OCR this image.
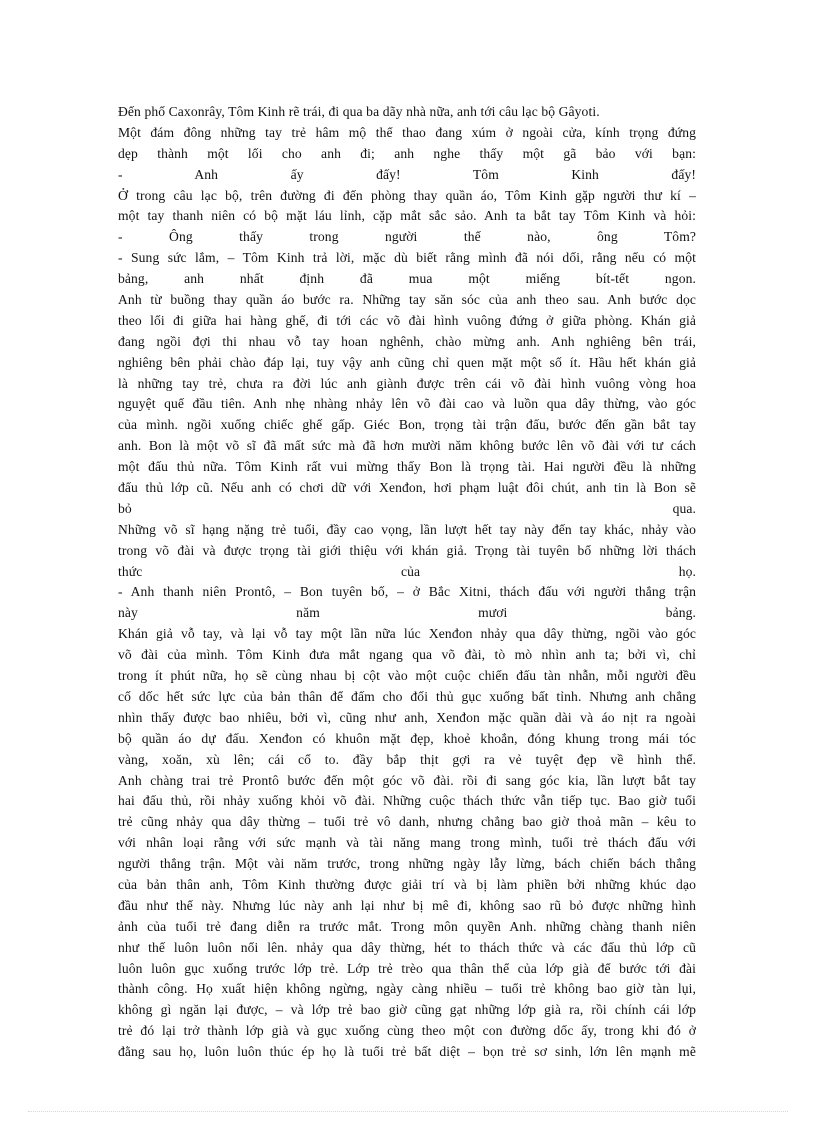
Đến phố Caxonrây, Tôm Kinh rẽ trái, đi qua ba dãy nhà nữa, anh tới câu lạc bộ Gâyoti.
Một đám đông những tay trẻ hâm mộ thể thao đang xúm ở ngoài cửa, kính trọng đứng
dẹp thành một lối cho anh đi; anh nghe thấy một gã bảo với bạn:
- Anh ấy đấy! Tôm Kinh đấy!
Ở trong câu lạc bộ, trên đường đi đến phòng thay quần áo, Tôm Kinh gặp người thư kí –
một tay thanh niên có bộ mặt láu lỉnh, cặp mắt sắc sảo. Anh ta bắt tay Tôm Kinh và hỏi:
- Ông thấy trong người thế nào, ông Tôm?
- Sung sức lắm, – Tôm Kinh trả lời, mặc dù biết rằng mình đã nói dối, rằng nếu có một
bảng, anh nhất định đã mua một miếng bít-tết ngon.
Anh từ buồng thay quần áo bước ra. Những tay săn sóc của anh theo sau. Anh bước dọc
theo lối đi giữa hai hàng ghế, đi tới các võ đài hình vuông đứng ở giữa phòng. Khán giả
đang ngồi đợi thi nhau vỗ tay hoan nghênh, chào mừng anh. Anh nghiêng bên trái,
nghiêng bên phải chào đáp lại, tuy vậy anh cũng chỉ quen mặt một số ít. Hầu hết khán giả
là những tay trẻ, chưa ra đời lúc anh giành được trên cái võ đài hình vuông vòng hoa
nguyệt quế đầu tiên. Anh nhẹ nhàng nhảy lên võ đài cao và luồn qua dây thừng, vào góc
của mình. ngồi xuống chiếc ghế gấp. Giéc Bon, trọng tài trận đấu, bước đến gần bắt tay
anh. Bon là một võ sĩ đã mất sức mà đã hơn mười năm không bước lên võ đài với tư cách
một đấu thủ nữa. Tôm Kinh rất vui mừng thấy Bon là trọng tài. Hai người đều là những
đấu thủ lớp cũ. Nếu anh có chơi dữ với Xenđon, hơi phạm luật đôi chút, anh tin là Bon sẽ
bỏ qua.
Những võ sĩ hạng nặng trẻ tuổi, đầy cao vọng, lần lượt hết tay này đến tay khác, nhảy vào
trong võ đài và được trọng tài giới thiệu với khán giả. Trọng tài tuyên bố những lời thách
thức của họ.
- Anh thanh niên Prontô, – Bon tuyên bố, – ở Bắc Xitni, thách đấu với người thắng trận
này năm mươi bảng.
Khán giả vỗ tay, và lại vỗ tay một lần nữa lúc Xenđon nhảy qua dây thừng, ngồi vào góc
võ đài của mình. Tôm Kinh đưa mắt ngang qua võ đài, tò mò nhìn anh ta; bởi vì, chỉ
trong ít phút nữa, họ sẽ cùng nhau bị cột vào một cuộc chiến đấu tàn nhẫn, mỗi người đều
cố dốc hết sức lực của bản thân để đấm cho đối thủ gục xuống bất tỉnh. Nhưng anh chẳng
nhìn thấy được bao nhiêu, bởi vì, cũng như anh, Xenđon mặc quần dài và áo nịt ra ngoài
bộ quần áo dự đấu. Xenđon có khuôn mặt đẹp, khoẻ khoắn, đóng khung trong mái tóc
vàng, xoăn, xù lên; cái cổ to. đầy bắp thịt gợi ra vẻ tuyệt đẹp về hình thể.
Anh chàng trai trẻ Prontô bước đến một góc võ đài. rồi đi sang góc kia, lần lượt bắt tay
hai đấu thủ, rồi nhảy xuống khỏi võ đài. Những cuộc thách thức vẫn tiếp tục. Bao giờ tuổi
trẻ cũng nhảy qua dây thừng – tuổi trẻ vô danh, nhưng chẳng bao giờ thoả mãn – kêu to
với nhân loại rằng với sức mạnh và tài năng mang trong mình, tuổi trẻ thách đấu với
người thắng trận. Một vài năm trước, trong những ngày lẫy lừng, bách chiến bách thắng
của bản thân anh, Tôm Kinh thường được giải trí và bị làm phiền bởi những khúc dạo
đầu như thế này. Nhưng lúc này anh lại như bị mê đi, không sao rũ bỏ được những hình
ảnh của tuổi trẻ đang diễn ra trước mắt. Trong môn quyền Anh. những chàng thanh niên
như thế luôn luôn nổi lên. nhảy qua dây thừng, hét to thách thức và các đấu thủ lớp cũ
luôn luôn gục xuống trước lớp trẻ. Lớp trẻ trèo qua thân thể của lớp già để bước tới đài
thành công. Họ xuất hiện không ngừng, ngày càng nhiều – tuổi trẻ không bao giờ tàn lụi,
không gì ngăn lại được, – và lớp trẻ bao giờ cũng gạt những lớp già ra, rồi chính cái lớp
trẻ đó lại trở thành lớp già và gục xuống cùng theo một con đường dốc ấy, trong khi đó ở
đằng sau họ, luôn luôn thúc ép họ là tuổi trẻ bất diệt – bọn trẻ sơ sinh, lớn lên mạnh mẽ
